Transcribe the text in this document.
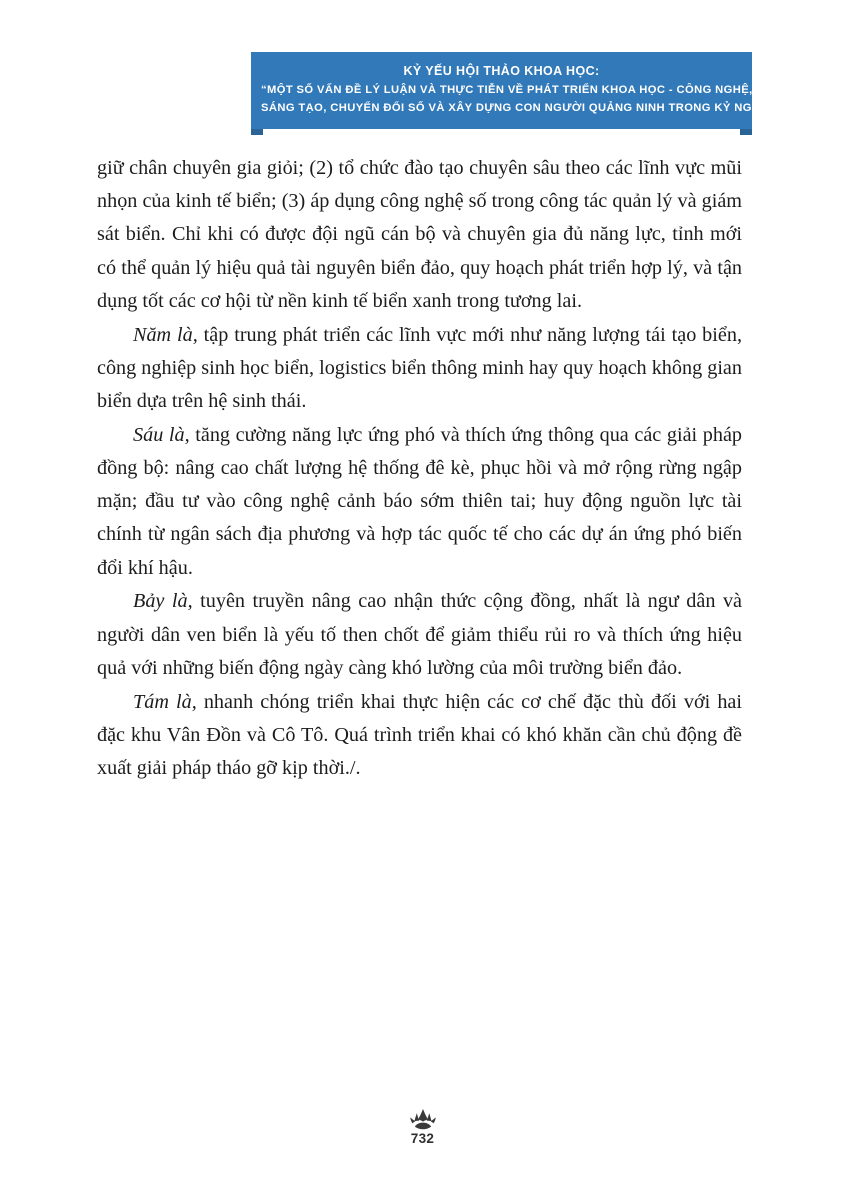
KỶ YẾU HỘI THẢO KHOA HỌC:
“MỘT SỐ VẤN ĐỀ LÝ LUẬN VÀ THỰC TIỄN VỀ PHÁT TRIỂN KHOA HỌC - CÔNG NGHỆ, ĐỔI MỚI
SÁNG TẠO, CHUYỂN ĐỔI SỐ VÀ XÂY DỰNG CON NGƯỜI QUẢNG NINH TRONG KỶ NGUYÊN MỚI”

giữ chân chuyên gia giỏi; (2) tổ chức đào tạo chuyên sâu theo các lĩnh vực mũi nhọn của kinh tế biển; (3) áp dụng công nghệ số trong công tác quản lý và giám sát biển. Chỉ khi có được đội ngũ cán bộ và chuyên gia đủ năng lực, tỉnh mới có thể quản lý hiệu quả tài nguyên biển đảo, quy hoạch phát triển hợp lý, và tận dụng tốt các cơ hội từ nền kinh tế biển xanh trong tương lai.

Năm là, tập trung phát triển các lĩnh vực mới như năng lượng tái tạo biển, công nghiệp sinh học biển, logistics biển thông minh hay quy hoạch không gian biển dựa trên hệ sinh thái.

Sáu là, tăng cường năng lực ứng phó và thích ứng thông qua các giải pháp đồng bộ: nâng cao chất lượng hệ thống đê kè, phục hồi và mở rộng rừng ngập mặn; đầu tư vào công nghệ cảnh báo sớm thiên tai; huy động nguồn lực tài chính từ ngân sách địa phương và hợp tác quốc tế cho các dự án ứng phó biến đổi khí hậu.

Bảy là, tuyên truyền nâng cao nhận thức cộng đồng, nhất là ngư dân và người dân ven biển là yếu tố then chốt để giảm thiểu rủi ro và thích ứng hiệu quả với những biến động ngày càng khó lường của môi trường biển đảo.

Tám là, nhanh chóng triển khai thực hiện các cơ chế đặc thù đối với hai đặc khu Vân Đồn và Cô Tô. Quá trình triển khai có khó khăn cần chủ động đề xuất giải pháp tháo gỡ kịp thời./.

732
